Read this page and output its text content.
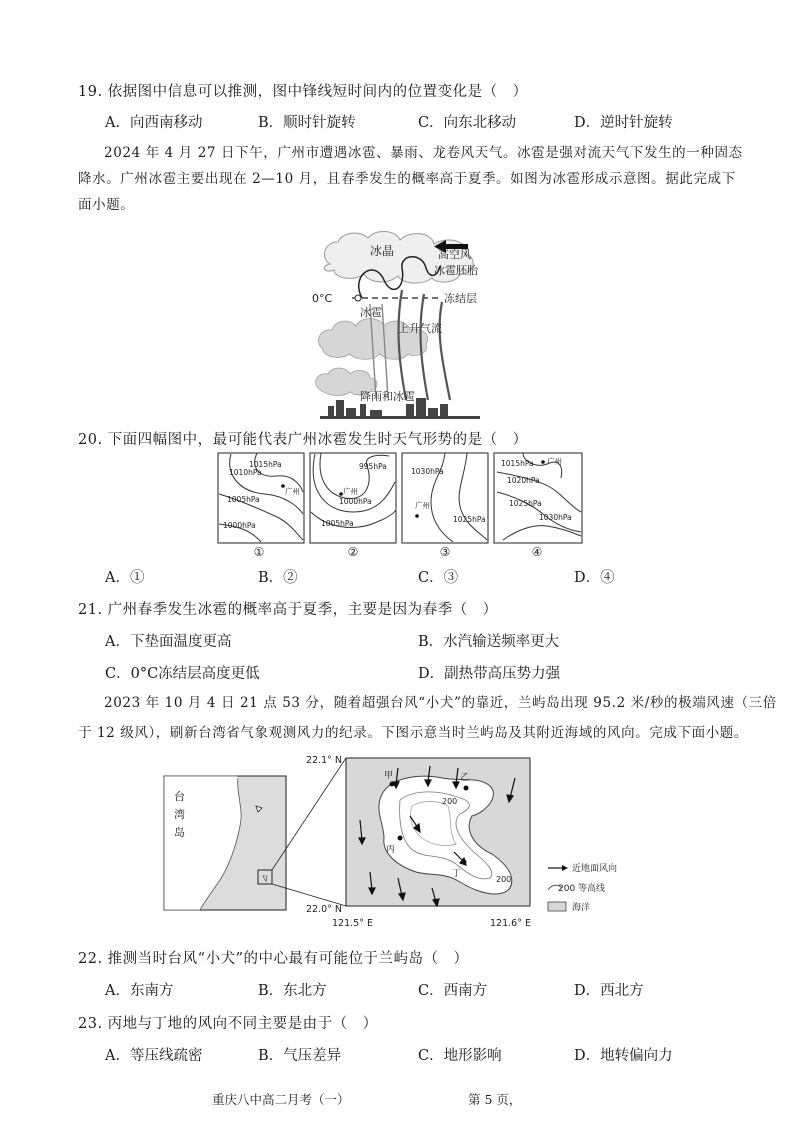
19. 依据图中信息可以推测，图中锋线短时间内的位置变化是（　）
A．向西南移动	B．顺时针旋转	C．向东北移动	D．逆时针旋转
2024 年 4 月 27 日下午，广州市遭遇冰雹、暴雨、龙卷风天气。冰雹是强对流天气下发生的一种固态
降水。广州冰雹主要出现在 2—10 月，且春季发生的概率高于夏季。如图为冰雹形成示意图。据此完成下
面小题。
冰晶	高空风
冰雹胚胎
0°C	冻结层
冰雹
上升气流
降雨和冰雹
20. 下面四幅图中，最可能代表广州冰雹发生时天气形势的是（　）
1015hPa
1010hPa
1005hPa
1000hPa
广州
①
995hPa
广州
1000hPa
1005hPa
②
1030hPa
广州
1025hPa
③
1015hPa 广州
1020hPa
1025hPa
1030hPa
④
A．①	B．②	C．③	D．④
21. 广州春季发生冰雹的概率高于夏季，主要是因为春季（　）
A．下垫面温度更高	B．水汽输送频率更大
C．0°C冻结层高度更低	D．副热带高压势力强
2023 年 10 月 4 日 21 点 53 分，随着超强台风“小犬”的靠近，兰屿岛出现 95.2 米/秒的极端风速（三倍
于 12 级风），刷新台湾省气象观测风力的纪录。下图示意当时兰屿岛及其附近海域的风向。完成下面小题。
台
湾
岛
甲	乙
丙
丁
200
200
22.1° N
22.0° N
121.5° E	121.6° E
近地面风向
200 等高线
海洋
22. 推测当时台风“小犬”的中心最有可能位于兰屿岛（　）
A．东南方	B．东北方	C．西南方	D．西北方
23. 丙地与丁地的风向不同主要是由于（　）
A．等压线疏密	B．气压差异	C．地形影响	D．地转偏向力
重庆八中高二月考（一）	第 5 页，
